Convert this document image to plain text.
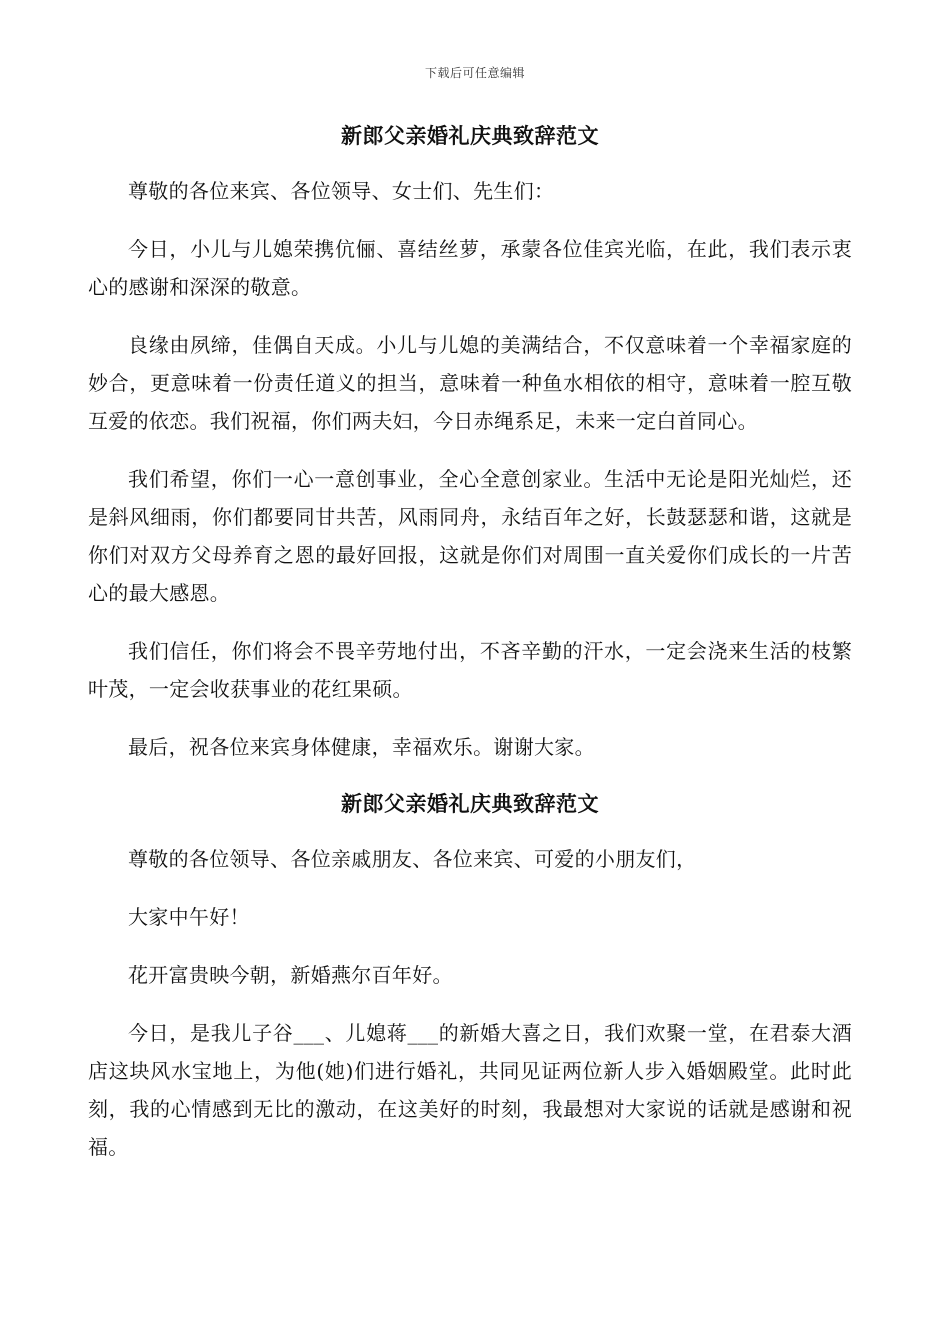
下载后可任意编辑
新郎父亲婚礼庆典致辞范文

尊敬的各位来宾、各位领导、女士们、先生们：

今日，小儿与儿媳荣携伉俪、喜结丝萝，承蒙各位佳宾光临，在此，我们表示衷心的感谢和深深的敬意。

良缘由夙缔，佳偶自天成。小儿与儿媳的美满结合，不仅意味着一个幸福家庭的妙合，更意味着一份责任道义的担当，意味着一种鱼水相依的相守，意味着一腔互敬互爱的依恋。我们祝福，你们两夫妇，今日赤绳系足，未来一定白首同心。

我们希望，你们一心一意创事业，全心全意创家业。生活中无论是阳光灿烂，还是斜风细雨，你们都要同甘共苦，风雨同舟，永结百年之好，长鼓瑟瑟和谐，这就是你们对双方父母养育之恩的最好回报，这就是你们对周围一直关爱你们成长的一片苦心的最大感恩。

我们信任，你们将会不畏辛劳地付出，不吝辛勤的汗水，一定会浇来生活的枝繁叶茂，一定会收获事业的花红果硕。

最后，祝各位来宾身体健康，幸福欢乐。谢谢大家。

新郎父亲婚礼庆典致辞范文

尊敬的各位领导、各位亲戚朋友、各位来宾、可爱的小朋友们，

大家中午好！

花开富贵映今朝，新婚燕尔百年好。

今日，是我儿子谷___、儿媳蒋___的新婚大喜之日，我们欢聚一堂，在君泰大酒店这块风水宝地上，为他(她)们进行婚礼，共同见证两位新人步入婚姻殿堂。此时此刻，我的心情感到无比的激动，在这美好的时刻，我最想对大家说的话就是感谢和祝福。
